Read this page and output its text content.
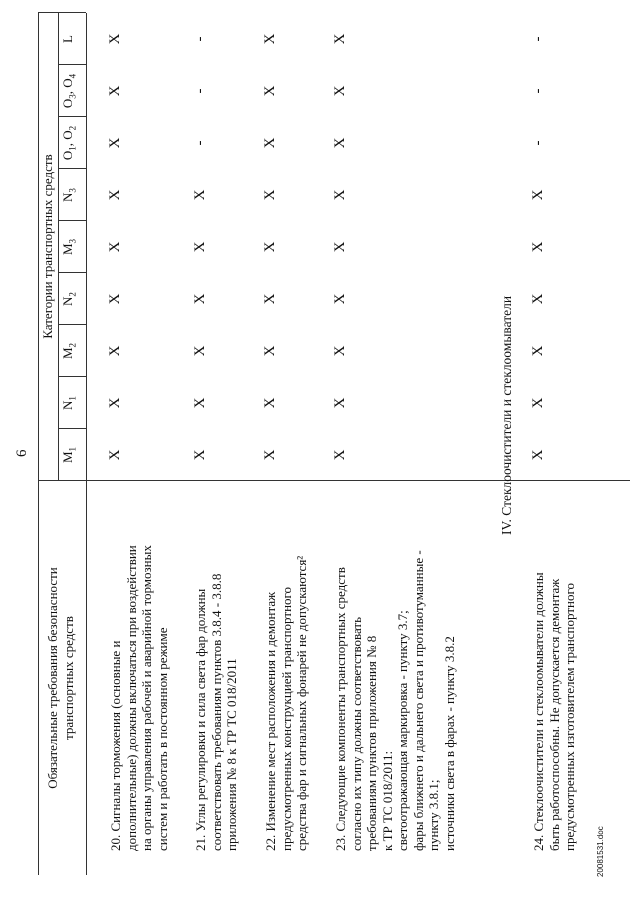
6
Обязательные требования безопасности транспортных средств
Категории транспортных средств
$M_1$
$N_1$
$M_2$
$N_2$
$M_3$
$N_3$
$O_1$, $O_2$
$O_3$, $O_4$
L
20. Сигналы торможения (основные и дополнительные) должны включаться при воздействии на органы управления рабочей и аварийной тормозных систем и работать в постоянном режиме
X
X
X
X
X
X
X
X
X
21. Углы регулировки и сила света фар должны соответствовать требованиям пунктов 3.8.4 - 3.8.8 приложения № 8 к ТР ТС 018/2011
X
X
X
X
X
X
-
-
-
22. Изменение мест расположения и демонтаж предусмотренных конструкцией транспортного средства фар и сигнальных фонарей не допускаются²
X
X
X
X
X
X
X
X
X
23. Следующие компоненты транспортных средств согласно их типу должны соответствовать требованиям пунктов приложения № 8 к ТР ТС 018/2011: светоотражающая маркировка - пункту 3.7; фары ближнего и дальнего света и противотуманные - пункту 3.8.1; источники света в фарах - пункту 3.8.2
X
X
X
X
X
X
X
X
X
IV. Стеклоочистители и стеклоомыватели
24. Стеклоочистители и стеклоомыватели должны быть работоспособны. Не допускается демонтаж предусмотренных изготовителем транспортного
X
X
X
X
X
X
-
-
-
20081531.doc
